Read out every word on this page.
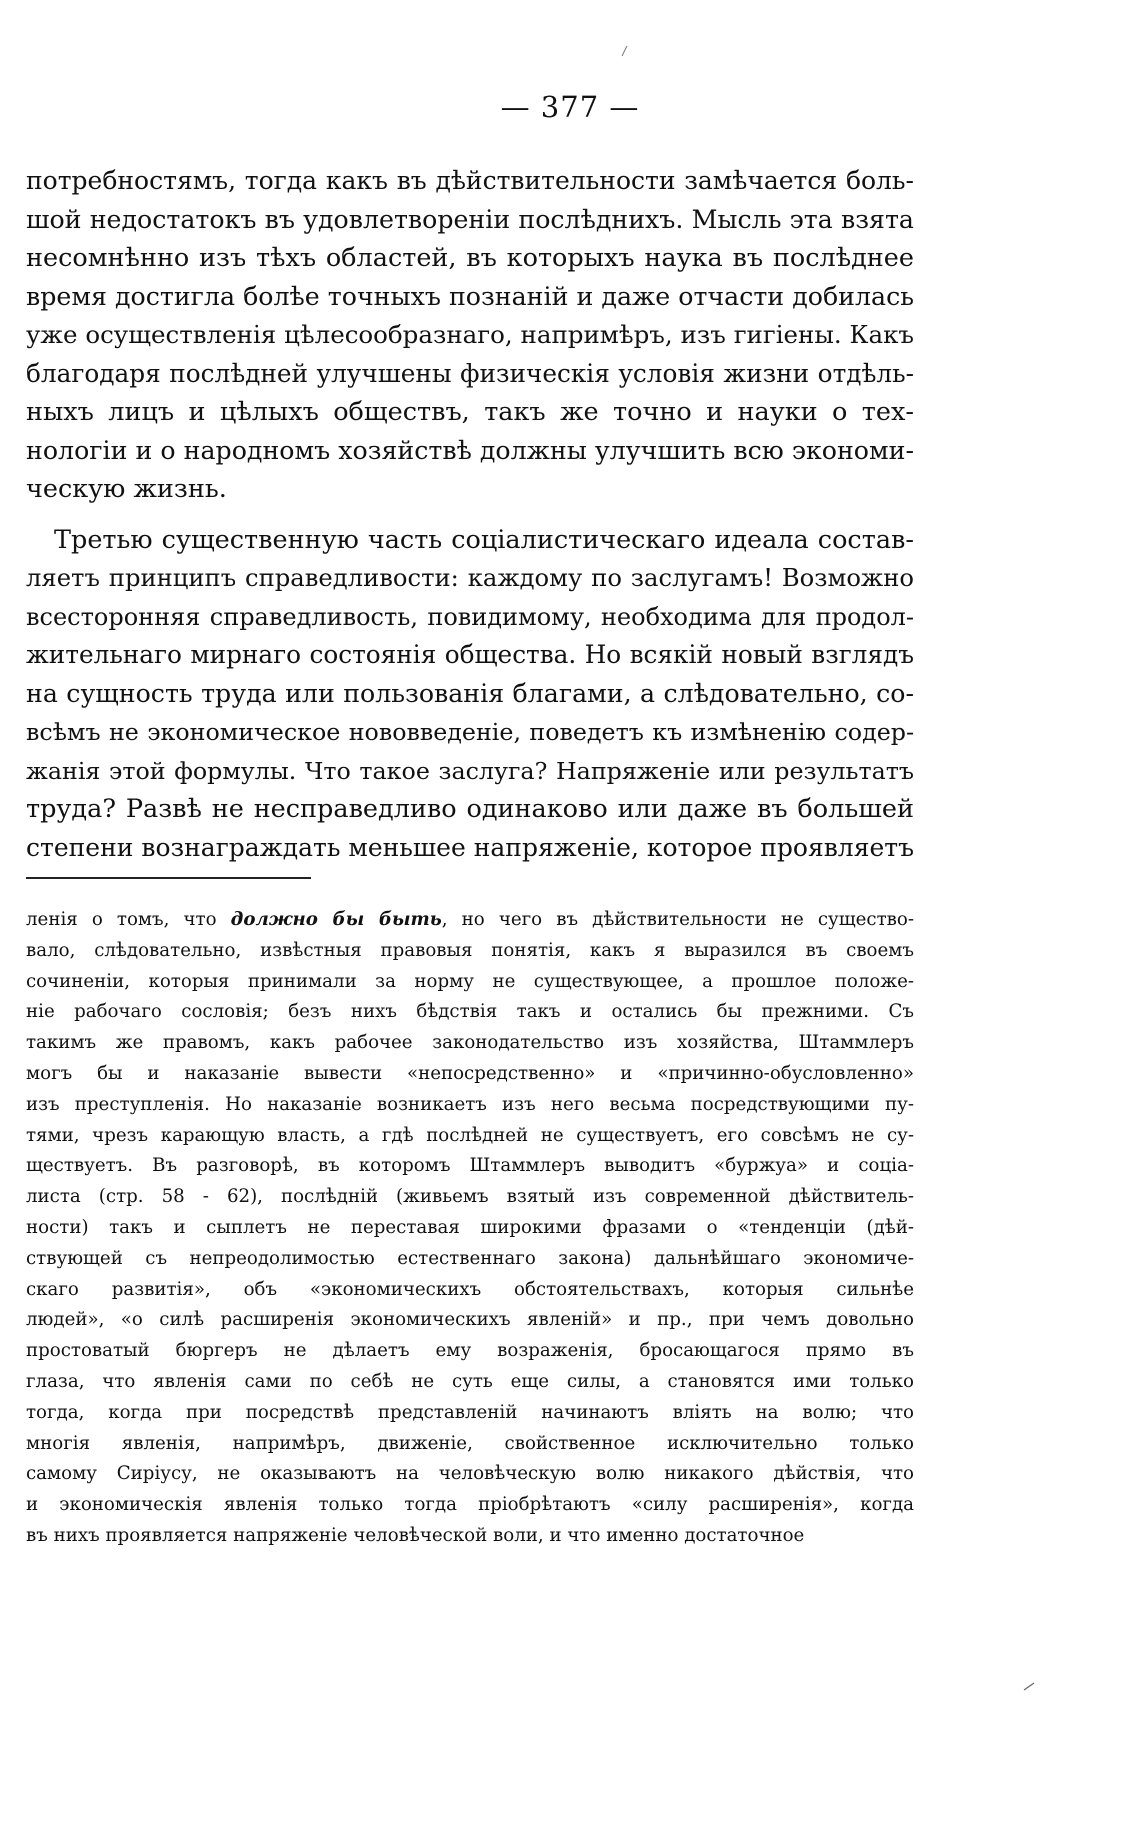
— 377 —
потребностямъ, тогда какъ въ дѣйствительности замѣчается боль-
шой недостатокъ въ удовлетвореніи послѣднихъ. Мысль эта взята
несомнѣнно изъ тѣхъ областей, въ которыхъ наука въ послѣднее
время достигла болѣе точныхъ познаній и даже отчасти добилась
уже осуществленія цѣлесообразнаго, напримѣръ, изъ гигіены. Какъ
благодаря послѣдней улучшены физическія условія жизни отдѣль-
ныхъ лицъ и цѣлыхъ обществъ, такъ же точно и науки о тех-
нологіи и о народномъ хозяйствѣ должны улучшить всю экономи-
ческую жизнь.
Третью существенную часть соціалистическаго идеала состав-
ляетъ принципъ справедливости: каждому по заслугамъ! Возможно
всесторонняя справедливость, повидимому, необходима для продол-
жительнаго мирнаго состоянія общества. Но всякій новый взглядъ
на сущность труда или пользованія благами, а слѣдовательно, со-
всѣмъ не экономическое нововведеніе, поведетъ къ измѣненію содер-
жанія этой формулы. Что такое заслуга? Напряженіе или результатъ
труда? Развѣ не несправедливо одинаково или даже въ большей
степени вознаграждать меньшее напряженіе, которое проявляетъ
ленія о томъ, что должно бы быть, но чего въ дѣйствительности не существо-
вало, слѣдовательно, извѣстныя правовыя понятія, какъ я выразился въ своемъ
сочиненіи, которыя принимали за норму не существующее, а прошлое положе-
ніе рабочаго сословія; безъ нихъ бѣдствія такъ и остались бы прежними. Съ
такимъ же правомъ, какъ рабочее законодательство изъ хозяйства, Штаммлеръ
могъ бы и наказаніе вывести «непосредственно» и «причинно-обусловленно»
изъ преступленія. Но наказаніе возникаетъ изъ него весьма посредствующими пу-
тями, чрезъ карающую власть, а гдѣ послѣдней не существуетъ, его совсѣмъ не су-
ществуетъ. Въ разговорѣ, въ которомъ Штаммлеръ выводитъ «буржуа» и соціа-
листа (стр. 58 - 62), послѣдній (живьемъ взятый изъ современной дѣйствитель-
ности) такъ и сыплетъ не переставая широкими фразами о «тенденціи (дѣй-
ствующей съ непреодолимостью естественнаго закона) дальнѣйшаго экономиче-
скаго развитія», объ «экономическихъ обстоятельствахъ, которыя сильнѣе
людей», «о силѣ расширенія экономическихъ явленій» и пр., при чемъ довольно
простоватый бюргеръ не дѣлаетъ ему возраженія, бросающагося прямо въ
глаза, что явленія сами по себѣ не суть еще силы, а становятся ими только
тогда, когда при посредствѣ представленій начинаютъ вліять на волю; что
многія явленія, напримѣръ, движеніе, свойственное исключительно только
самому Сиріусу, не оказываютъ на человѣческую волю никакого дѣйствія, что
и экономическія явленія только тогда пріобрѣтаютъ «силу расширенія», когда
въ нихъ проявляется напряженіе человѣческой воли, и что именно достаточное
